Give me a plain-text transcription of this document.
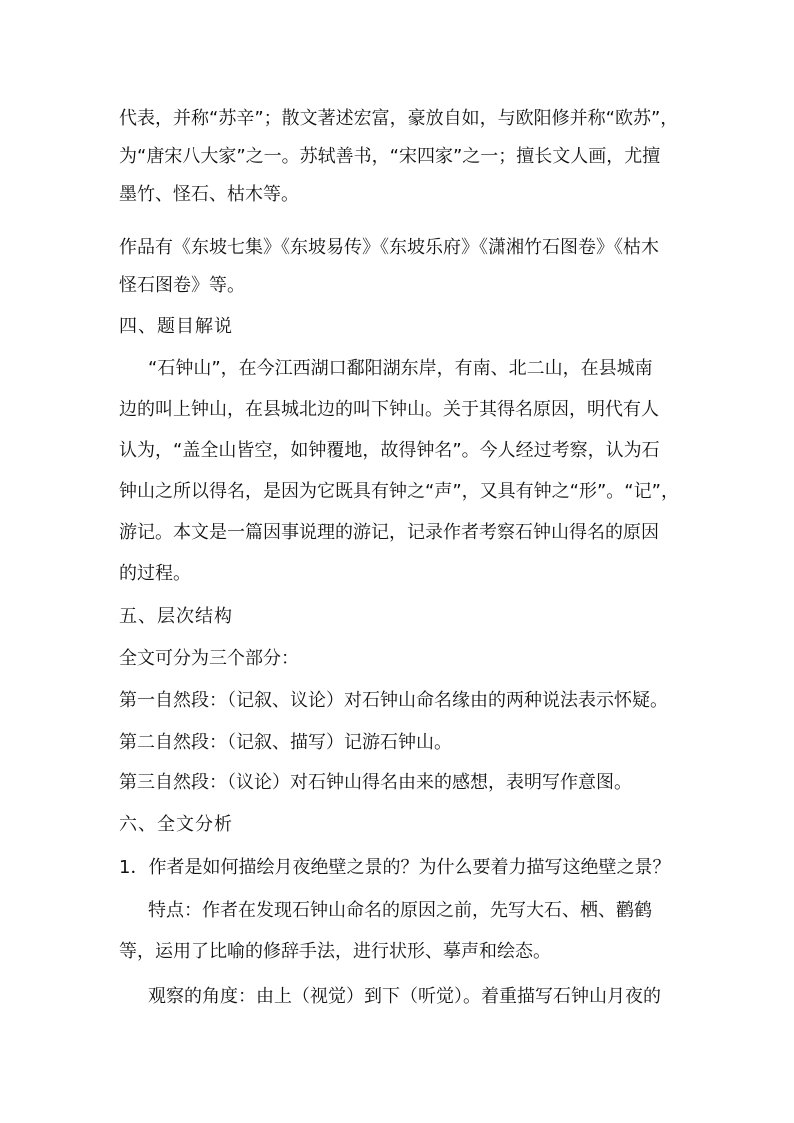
代表，并称“苏辛”；散文著述宏富，豪放自如，与欧阳修并称“欧苏”，
为“唐宋八大家”之一。苏轼善书，“宋四家”之一；擅长文人画，尤擅
墨竹、怪石、枯木等。
作品有《东坡七集》《东坡易传》《东坡乐府》《潇湘竹石图卷》《枯木
怪石图卷》等。
四、题目解说
“石钟山”，在今江西湖口鄱阳湖东岸，有南、北二山，在县城南
边的叫上钟山，在县城北边的叫下钟山。关于其得名原因，明代有人
认为，“盖全山皆空，如钟覆地，故得钟名”。今人经过考察，认为石
钟山之所以得名，是因为它既具有钟之“声”，又具有钟之“形”。“记”，
游记。本文是一篇因事说理的游记，记录作者考察石钟山得名的原因
的过程。
五、层次结构
全文可分为三个部分：
第一自然段：（记叙、议论）对石钟山命名缘由的两种说法表示怀疑。
第二自然段：（记叙、描写）记游石钟山。
第三自然段：（议论）对石钟山得名由来的感想，表明写作意图。
六、全文分析
1．作者是如何描绘月夜绝壁之景的？为什么要着力描写这绝壁之景？
特点：作者在发现石钟山命名的原因之前，先写大石、栖、鹳鹤
等，运用了比喻的修辞手法，进行状形、摹声和绘态。
观察的角度：由上（视觉）到下（听觉）。着重描写石钟山月夜的
